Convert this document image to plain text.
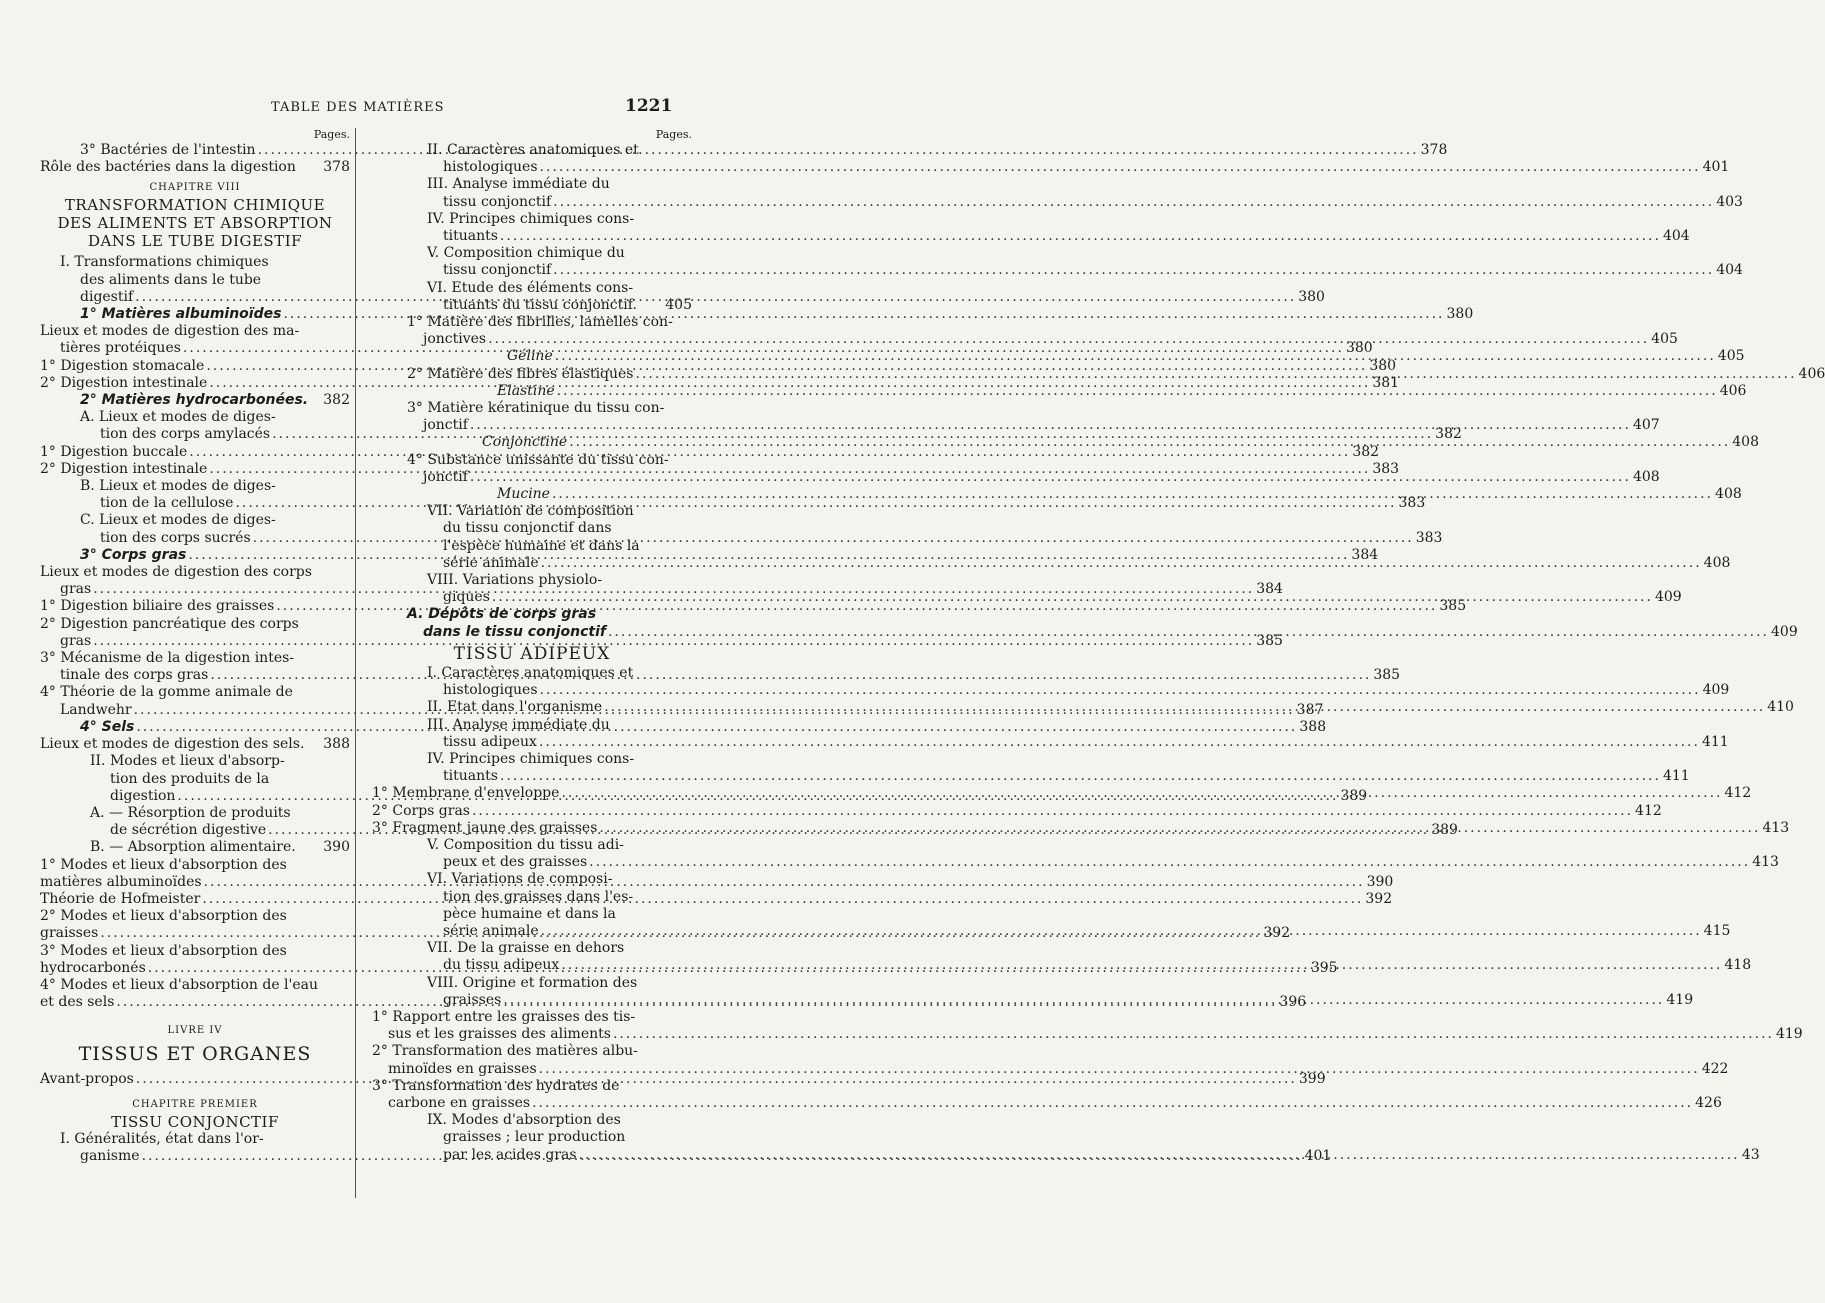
TABLE DES MATIÈRES	1221
Pages.
3° Bactéries de l'intestin .....	378
Rôle des bactéries dans la digestion 378
CHAPITRE VIII
TRANSFORMATION CHIMIQUE
DES ALIMENTS ET ABSORPTION
DANS LE TUBE DIGESTIF
I. Transformations chimiques
des aliments dans le tube
digestif .....	380
1° Matières albuminoïdes .....	380
Lieux et modes de digestion des ma-
tières protéiques .....	380
1° Digestion stomacale .....	380
2° Digestion intestinale .....	381
2° Matières hydrocarbonées. 382
A. Lieux et modes de diges-
tion des corps amylacés .....	382
1° Digestion buccale .....	382
2° Digestion intestinale .....	383
B. Lieux et modes de diges-
tion de la cellulose .....	383
C. Lieux et modes de diges-
tion des corps sucrés .....	383
3° Corps gras .....	384
Lieux et modes de digestion des corps
gras .....	384
1° Digestion biliaire des graisses .....	385
2° Digestion pancréatique des corps
gras .....	385
3° Mécanisme de la digestion intes-
tinale des corps gras .....	385
4° Théorie de la gomme animale de
Landwehr .....	387
4° Sels .....	388
Lieux et modes de digestion des sels. 388
II. Modes et lieux d'absorp-
tion des produits de la
digestion .....	389
A. — Résorption de produits
de sécrétion digestive .....	389
B. — Absorption alimentaire. 390
1° Modes et lieux d'absorption des
matières albuminoïdes .....	390
Théorie de Hofmeister .....	392
2° Modes et lieux d'absorption des
graisses .....	392
3° Modes et lieux d'absorption des
hydrocarbonés .....	395
4° Modes et lieux d'absorption de l'eau
et des sels .....	396
LIVRE IV
TISSUS ET ORGANES
Avant-propos .....	399
CHAPITRE PREMIER
TISSU CONJONCTIF
I. Généralités, état dans l'or-
ganisme .....	401
Pages.
II. Caractères anatomiques et
histologiques .....	401
III. Analyse immédiate du
tissu conjonctif .....	403
IV. Principes chimiques cons-
tituants .....	404
V. Composition chimique du
tissu conjonctif .....	404
VI. Etude des éléments cons-
tituants du tissu conjonctif. 405
1° Matière des fibrilles, lamelles con-
jonctives .....	405
Géline .....	405
2° Matière des fibres élastiques .....	406
Elastine .....	406
3° Matière kératinique du tissu con-
jonctif .....	407
Conjonctine .....	408
4° Substance unissante du tissu con-
jonctif .....	408
Mucine .....	408
VII. Variation de composition
du tissu conjonctif dans
l'espèce humaine et dans la
série animale .....	408
VIII. Variations physiolo-
giques .....	409
A. Dépôts de corps gras
dans le tissu conjonctif .....	409
TISSU ADIPEUX
I. Caractères anatomiques et
histologiques .....	409
II. Etat dans l'organisme .....	410
III. Analyse immédiate du
tissu adipeux .....	411
IV. Principes chimiques cons-
tituants .....	411
1° Membrane d'enveloppe .....	412
2° Corps gras .....	412
3° Fragment jaune des graisses .....	413
V. Composition du tissu adi-
peux et des graisses .....	413
VI. Variations de composi-
tion des graisses dans l'es-
pèce humaine et dans la
série animale .....	415
VII. De la graisse en dehors
du tissu adipeux .....	418
VIII. Origine et formation des
graisses .....	419
1° Rapport entre les graisses des tis-
sus et les graisses des aliments .....	419
2° Transformation des matières albu-
minoïdes en graisses .....	422
3° Transformation des hydrates de
carbone en graisses .....	426
IX. Modes d'absorption des
graisses ; leur production
par les acides gras .....	43
